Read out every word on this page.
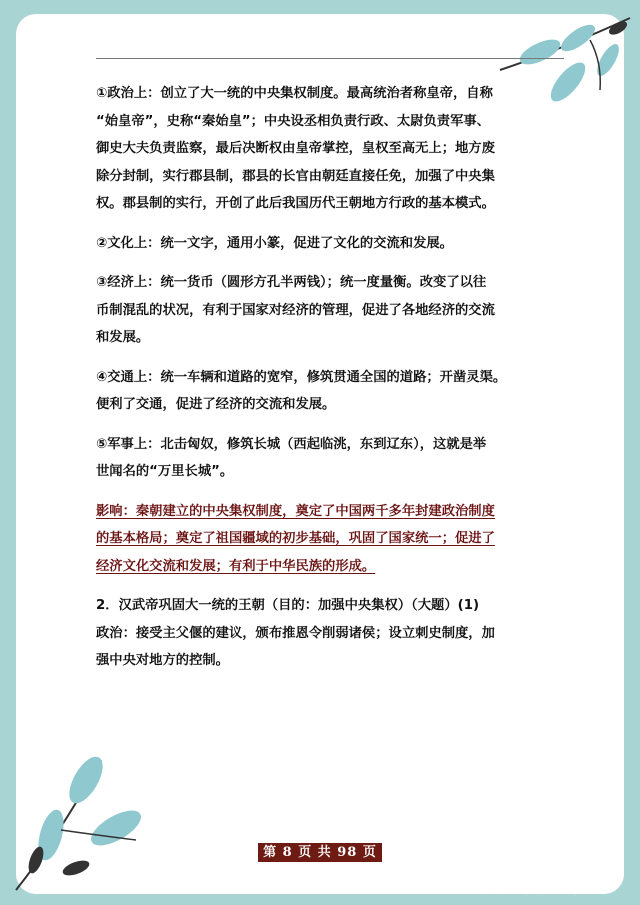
①政治上：创立了大一统的中央集权制度。最高统治者称皇帝，自称
“始皇帝”，史称“秦始皇”；中央设丞相负责行政、太尉负责军事、
御史大夫负责监察，最后决断权由皇帝掌控，皇权至高无上；地方废
除分封制，实行郡县制，郡县的长官由朝廷直接任免，加强了中央集
权。郡县制的实行，开创了此后我国历代王朝地方行政的基本模式。
②文化上：统一文字，通用小篆，促进了文化的交流和发展。
③经济上：统一货币（圆形方孔半两钱）；统一度量衡。改变了以往
币制混乱的状况，有利于国家对经济的管理，促进了各地经济的交流
和发展。
④交通上：统一车辆和道路的宽窄，修筑贯通全国的道路；开凿灵渠。
便利了交通，促进了经济的交流和发展。
⑤军事上：北击匈奴，修筑长城（西起临洮，东到辽东），这就是举
世闻名的“万里长城”。
影响：秦朝建立的中央集权制度，奠定了中国两千多年封建政治制度
的基本格局；奠定了祖国疆域的初步基础，巩固了国家统一；促进了
经济文化交流和发展；有利于中华民族的形成。
2．汉武帝巩固大一统的王朝（目的：加强中央集权）（大题）(1)
政治：接受主父偃的建议，颁布推恩令削弱诸侯；设立刺史制度，加
强中央对地方的控制。
第 8 页 共 98 页
头条号 / 智慧之家
